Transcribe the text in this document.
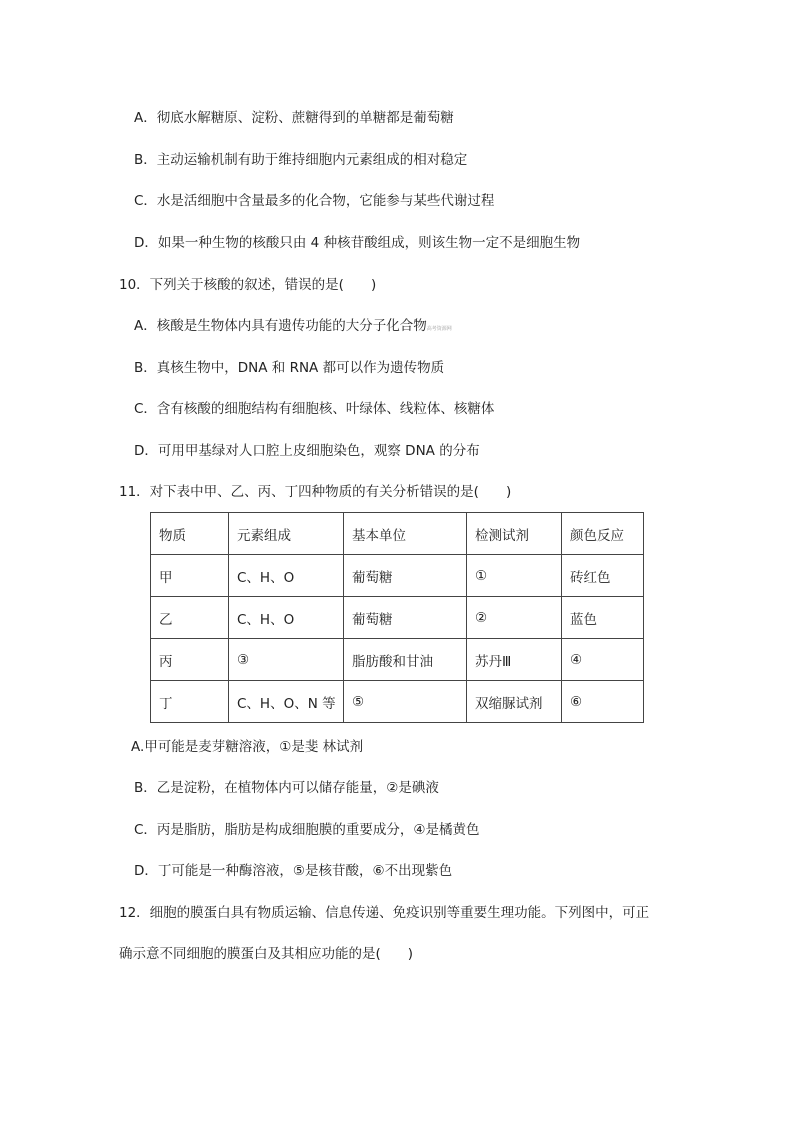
A．彻底水解糖原、淀粉、蔗糖得到的单糖都是葡萄糖
B．主动运输机制有助于维持细胞内元素组成的相对稳定
C．水是活细胞中含量最多的化合物，它能参与某些代谢过程
D．如果一种生物的核酸只由 4 种核苷酸组成，则该生物一定不是细胞生物
10．下列关于核酸的叙述，错误的是(　　)
A．核酸是生物体内具有遗传功能的大分子化合物高考资源网
B．真核生物中，DNA 和 RNA 都可以作为遗传物质
C．含有核酸的细胞结构有细胞核、叶绿体、线粒体、核糖体
D．可用甲基绿对人口腔上皮细胞染色，观察 DNA 的分布
11．对下表中甲、乙、丙、丁四种物质的有关分析错误的是(　　)
物质	元素组成	基本单位	检测试剂	颜色反应
甲	C、H、O	葡萄糖	①	砖红色
乙	C、H、O	葡萄糖	②	蓝色
丙	③	脂肪酸和甘油	苏丹Ⅲ	④
丁	C、H、O、N 等	⑤	双缩脲试剂	⑥
A.甲可能是麦芽糖溶液，①是斐 林试剂
B．乙是淀粉，在植物体内可以储存能量，②是碘液
C．丙是脂肪，脂肪是构成细胞膜的重要成分，④是橘黄色
D．丁可能是一种酶溶液，⑤是核苷酸，⑥不出现紫色
12．细胞的膜蛋白具有物质运输、信息传递、免疫识别等重要生理功能。下列图中，可正
确示意不同细胞的膜蛋白及其相应功能的是(　　)
